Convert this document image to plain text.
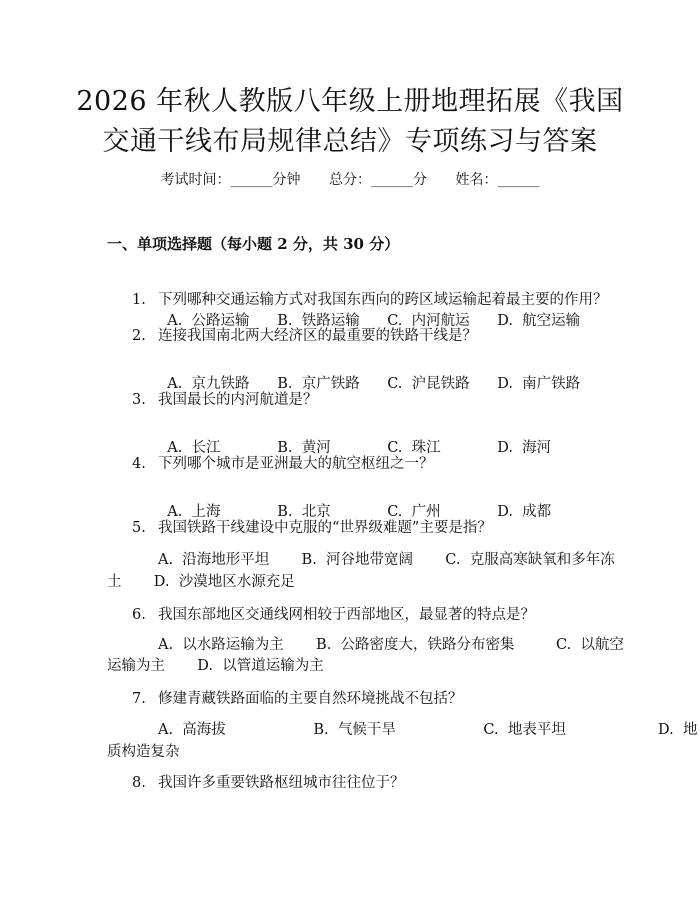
2026 年秋人教版八年级上册地理拓展《我国
交通干线布局规律总结》专项练习与答案
考试时间：______分钟 总分：______分 姓名：______
一、单项选择题（每小题 2 分，共 30 分）
1. 下列哪种交通运输方式对我国东西向的跨区域运输起着最主要的作用？

A.  公路运输 B.  铁路运输 C.  内河航运 D.  航空运输

2. 连接我国南北两大经济区的最重要的铁路干线是？

A.  京九铁路 B.  京广铁路 C.  沪昆铁路 D.  南广铁路

3. 我国最长的内河航道是？

A.  长江	B.  黄河	C.  珠江	D.  海河

4. 下列哪个城市是亚洲最大的航空枢纽之一？

A.  上海	B.  北京	C.  广州	D.  成都

5. 我国铁路干线建设中克服的“世界级难题”主要是指？
A.  沿海地形平坦       B.  河谷地带宽阔       C.  克服高寒缺氧和多年冻
土       D.  沙漠地区水源充足
6. 我国东部地区交通线网相较于西部地区，最显著的特点是？
A.  以水路运输为主       B.  公路密度大，铁路分布密集         C.  以航空
运输为主       D.  以管道运输为主
7. 修建青藏铁路面临的主要自然环境挑战不包括？
A.  高海拔                   B.  气候干旱                   C.  地表平坦                    D.  地
质构造复杂
8. 我国许多重要铁路枢纽城市往往位于？
